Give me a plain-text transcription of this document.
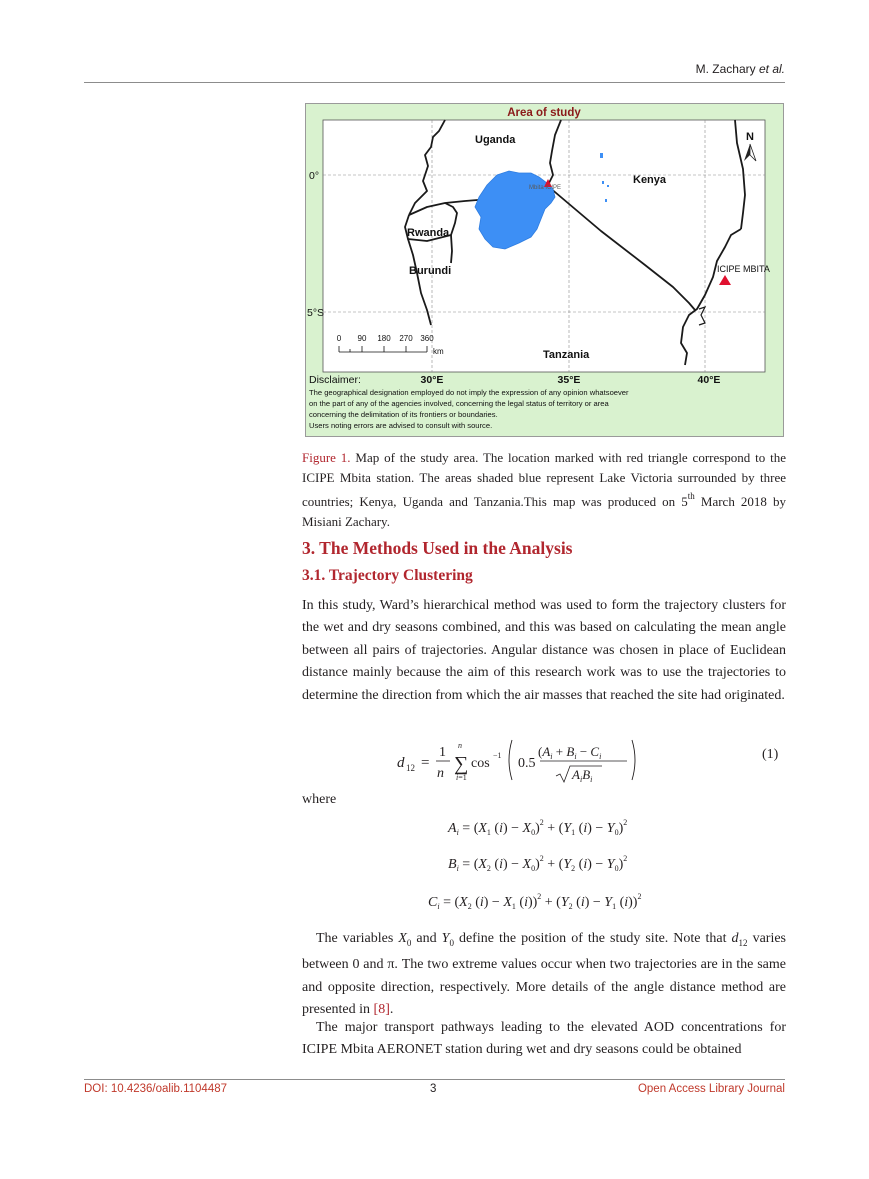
M. Zachary et al.
Area of study
Mbita ICIPE
Uganda
Kenya
Rwanda
Burundi
Tanzania
N
ICIPE MBITA
0°
5°S
0 90 180 270 360
km
Disclaimer:	30°E	35°E	40°E
The geographical designation employed do not imply the expression of any opinion whatsoever
on the part of any of the agencies involved, concerning the legal status of territory or area
concerning the delimitation of its frontiers or boundaries.
Users noting errors are advised to consult with source.
Figure 1. Map of the study area. The location marked with red triangle correspond to the ICIPE Mbita station. The areas shaded blue represent Lake Victoria surrounded by three countries; Kenya, Uganda and Tanzania.This map was produced on 5th March 2018 by Misiani Zachary.
3. The Methods Used in the Analysis
3.1. Trajectory Clustering

In this study, Ward’s hierarchical method was used to form the trajectory clusters for the wet and dry seasons combined, and this was based on calculating the mean angle between all pairs of trajectories. Angular distance was chosen in place of Euclidean distance mainly because the aim of this research work was to use the trajectories to determine the direction from which the air masses that reached the site had originated.

d 12 =
1
n ∑
n
i=1
cos
−1
0.5
($A_i + B_i - C_i$
$A_iB_i$
(1)
where
$A_i = (X_1$ $(i) - X_0)^2 + (Y_1$ $(i) - Y_0)^2$
$B_i = (X_2$ $(i) - X_0)^2 + (Y_2$ $(i) - Y_0)^2$
$C_i = (X_2$ $(i) - X_1$ $(i))^2 + (Y_2$ $(i) - Y_1$ (i))$^2$

The variables $X_0$ and $Y_0$ define the position of the study site. Note that $d_{12}$ varies between 0 and π. The two extreme values occur when two trajectories are in the same and opposite direction, respectively. More details of the angle distance method are presented in [8].

The major transport pathways leading to the elevated AOD concentrations for ICIPE Mbita AERONET station during wet and dry seasons could be obtained

DOI: 10.4236/oalib.1104487	3	Open Access Library Journal
